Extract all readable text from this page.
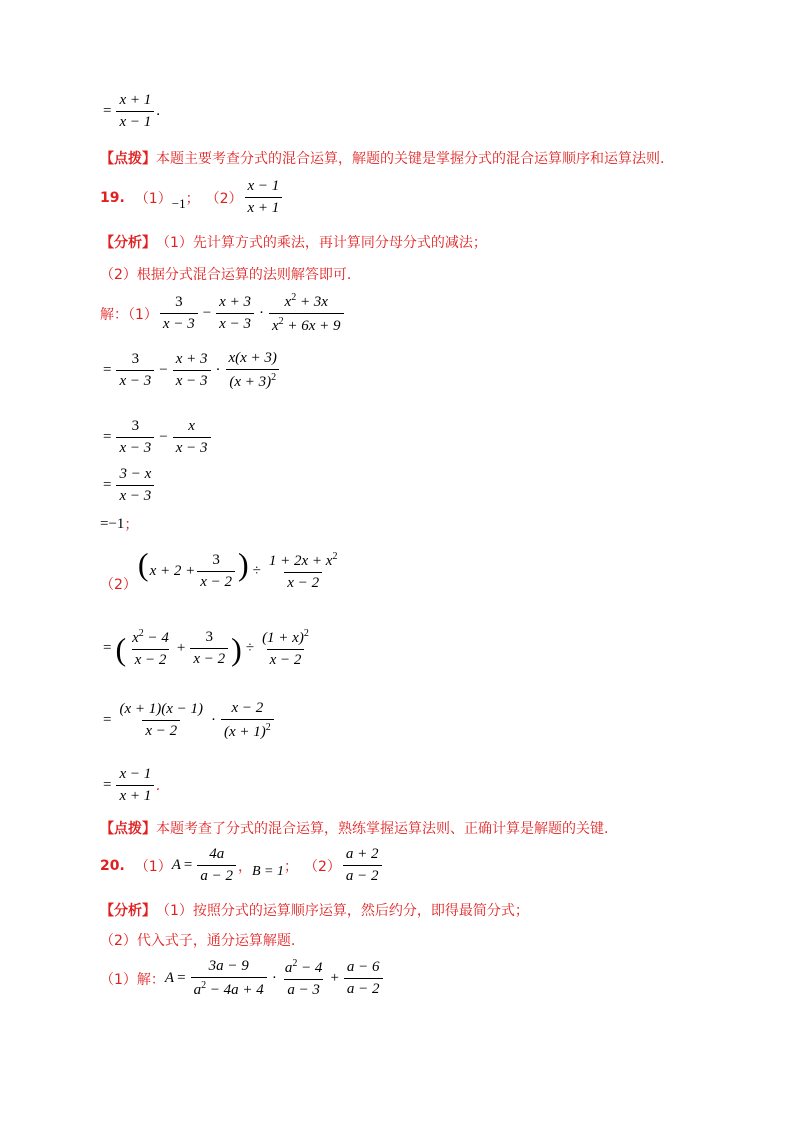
= $\frac{x + 1}{x - 1}$ .
【点拨】 本题主要考查分式的混合运算，解题的关键是掌握分式的混合运算顺序和运算法则.
19. （1） −1 ； $(2) \frac{x - 1}{x + 1}$
【分析】 （1）先计算方式的乘法，再计算同分母分式的减法；
（2）根据分式混合运算的法则解答即可.
解：$(1) \frac{3}{x - 3} - \frac{x + 3}{x - 3} \cdot \frac{x^2 + 3x}{x^2 + 6x + 9}$
= $\frac{3}{x - 3} - \frac{x + 3}{x - 3} \cdot \frac{x(x + 3)}{(x + 3)^2}$
= $\frac{3}{x - 3} - \frac{x}{x - 3}$
= $\frac{3 - x}{x - 3}$
=−1 ；
（2）
($x + 2 + \frac{3}{x - 2}$ ) ÷ $\frac{1 + 2x + x^2}{x - 2}$
= ( $\frac{x^2 - 4}{x - 2} + \frac{3}{x - 2}$ ) ÷ $\frac{(1 + x)^2}{x - 2}$
= $\frac{(x + 1)(x - 1)}{x - 2} \cdot \frac{x - 2}{(x + 1)^2}$
= $\frac{x - 1}{x + 1}$ .
【点拨】 本题考查了分式的混合运算，熟练掌握运算法则、正确计算是解题的关键.
20. （1） $A = \frac{4a}{a - 2}$ ， B = 1 ； $(2) \frac{a + 2}{a - 2}$
【分析】 （1）按照分式的运算顺序运算，然后约分，即得最简分式；
（2）代入式子，通分运算解题.
（1）解： $A = \frac{3a - 9}{a^2 - 4a + 4} \cdot \frac{a^2 - 4}{a - 3} + \frac{a - 6}{a - 2}$
